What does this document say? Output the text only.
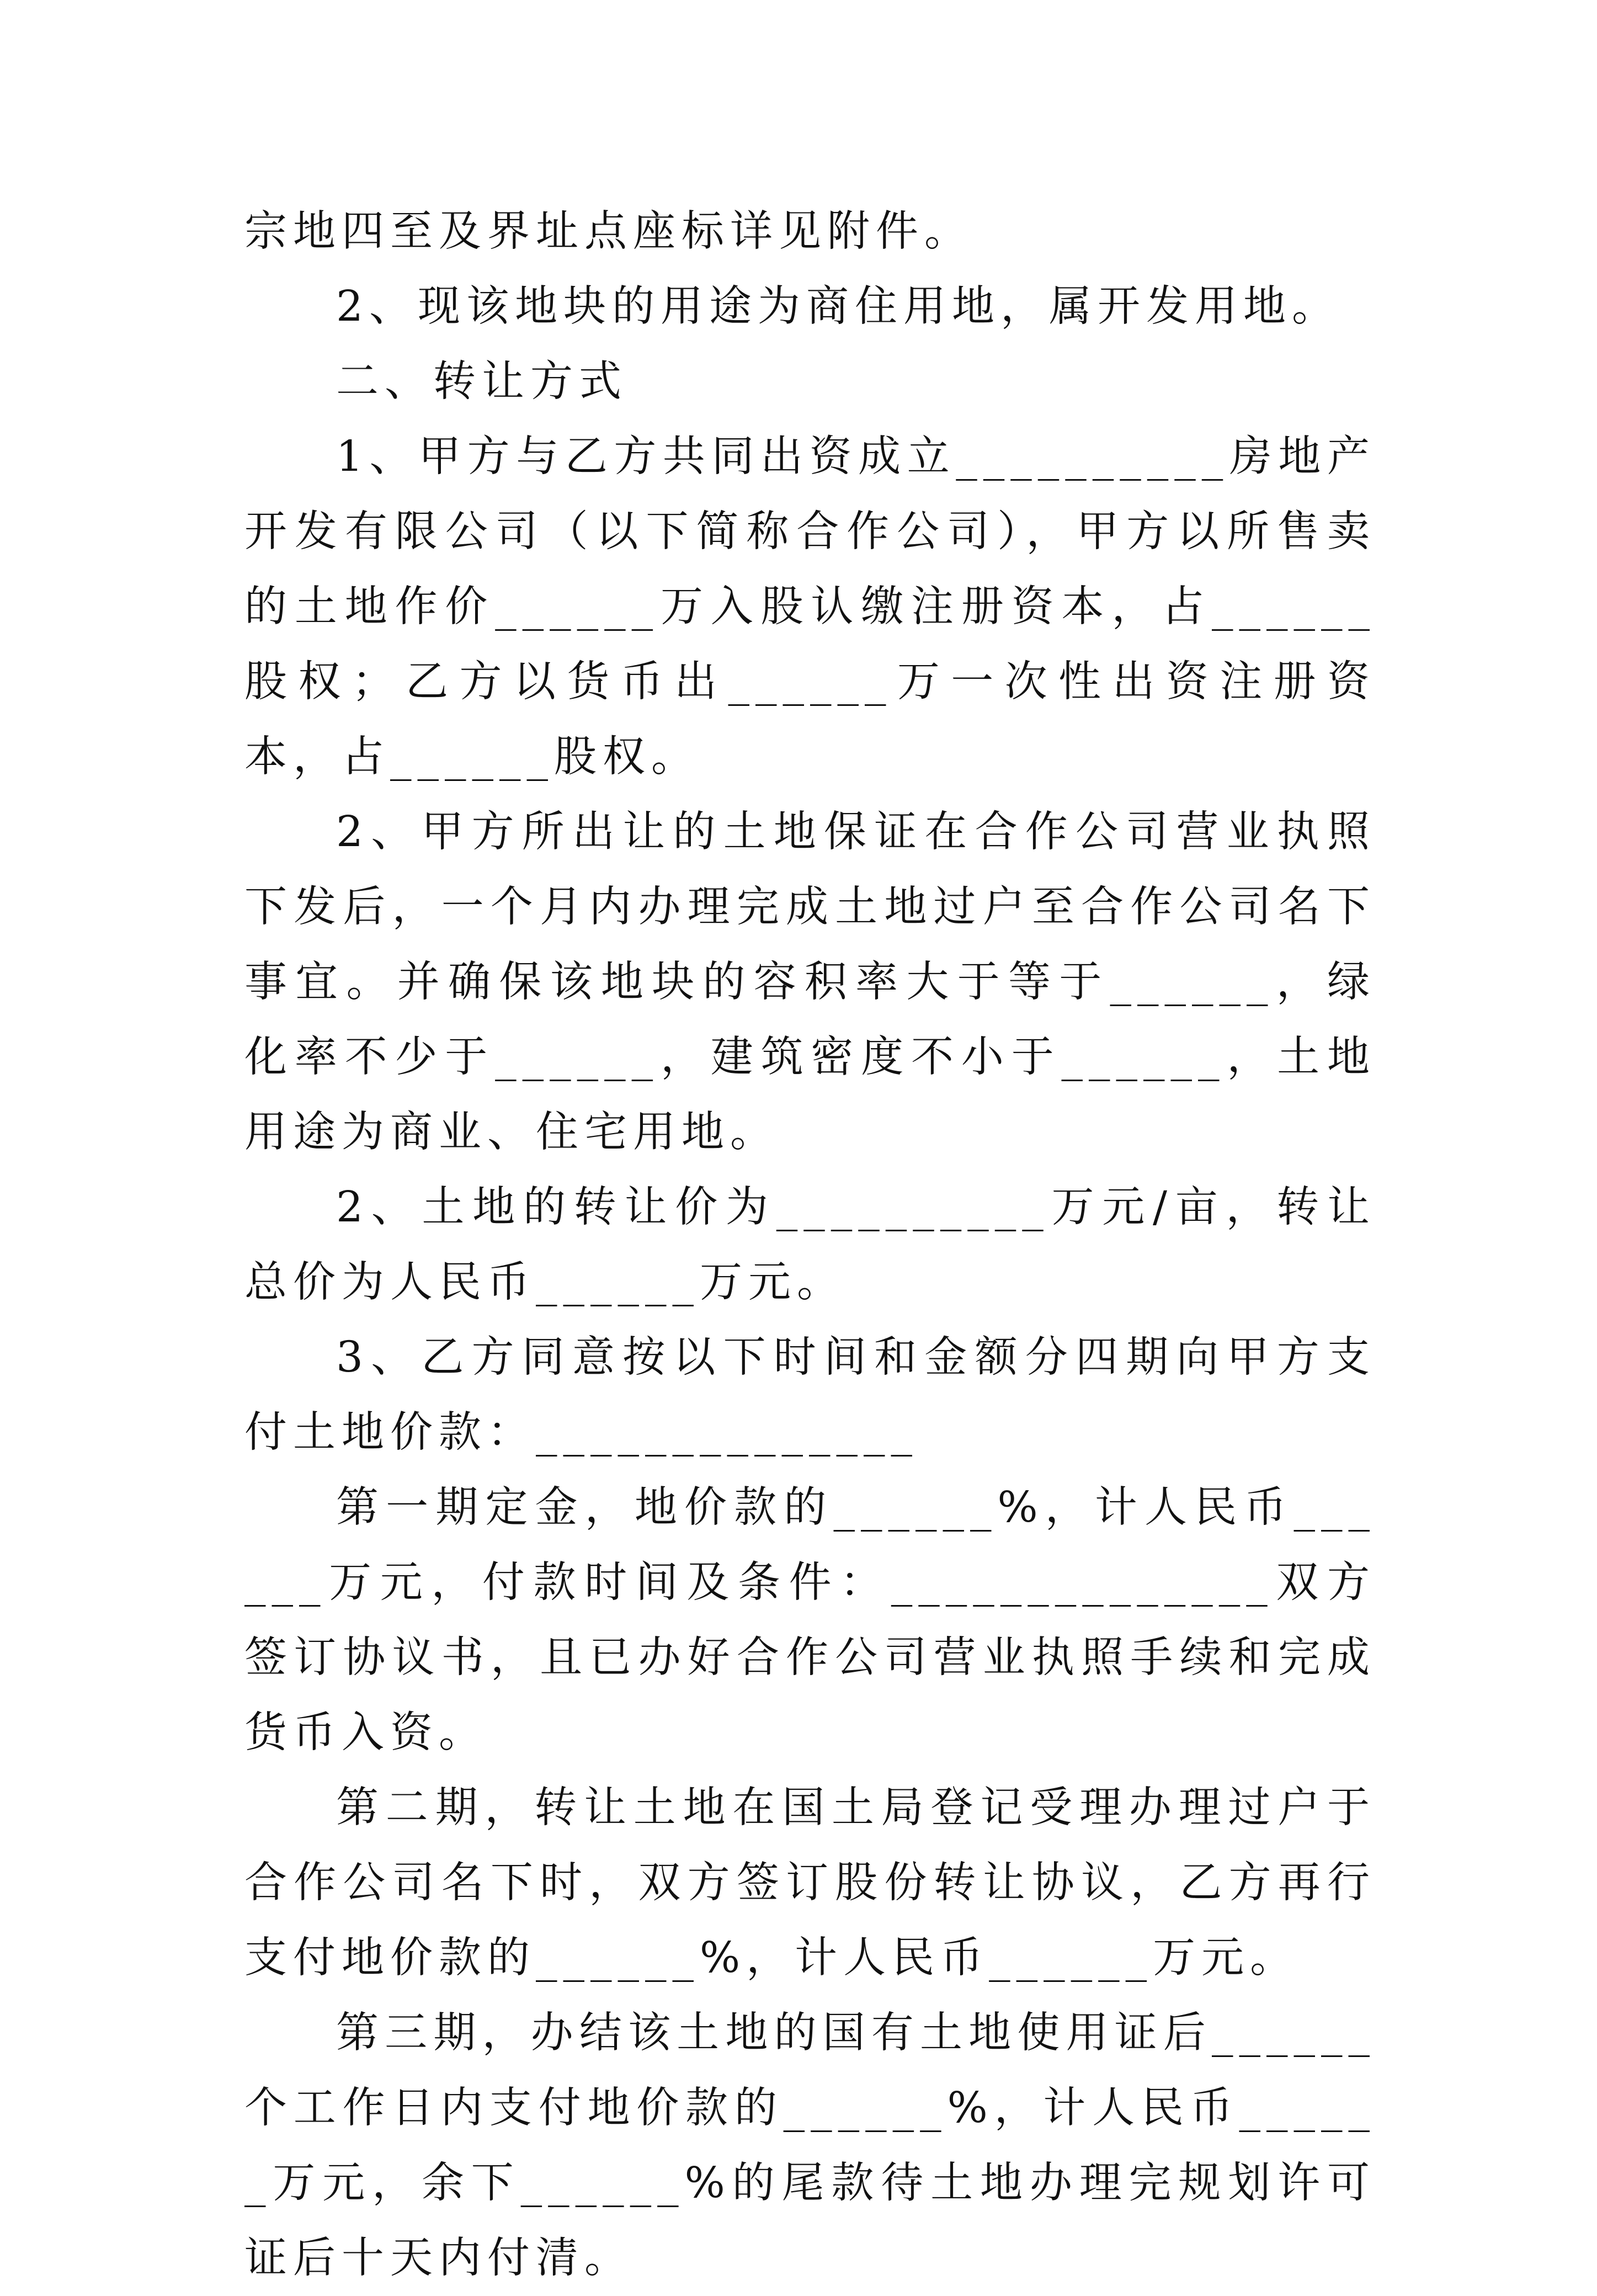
宗地四至及界址点座标详见附件。

2、现该地块的用途为商住用地，属开发用地。

二、转让方式

1、甲方与乙方共同出资成立__________房地产开发有限公司（以下简称合作公司），甲方以所售卖的土地作价______万入股认缴注册资本，占______股权；乙方以货币出______万一次性出资注册资本，占______股权。

2、甲方所出让的土地保证在合作公司营业执照下发后，一个月内办理完成土地过户至合作公司名下事宜。并确保该地块的容积率大于等于______，绿化率不少于______，建筑密度不小于______，土地用途为商业、住宅用地。

2、土地的转让价为__________万元/亩，转让总价为人民币______万元。

3、乙方同意按以下时间和金额分四期向甲方支付土地价款：______________

第一期定金，地价款的______%，计人民币______万元，付款时间及条件：______________双方签订协议书，且已办好合作公司营业执照手续和完成货币入资。

第二期，转让土地在国土局登记受理办理过户于合作公司名下时，双方签订股份转让协议，乙方再行支付地价款的______%，计人民币______万元。

第三期，办结该土地的国有土地使用证后______个工作日内支付地价款的______%，计人民币______万元，余下______%的尾款待土地办理完规划许可证后十天内付清。
